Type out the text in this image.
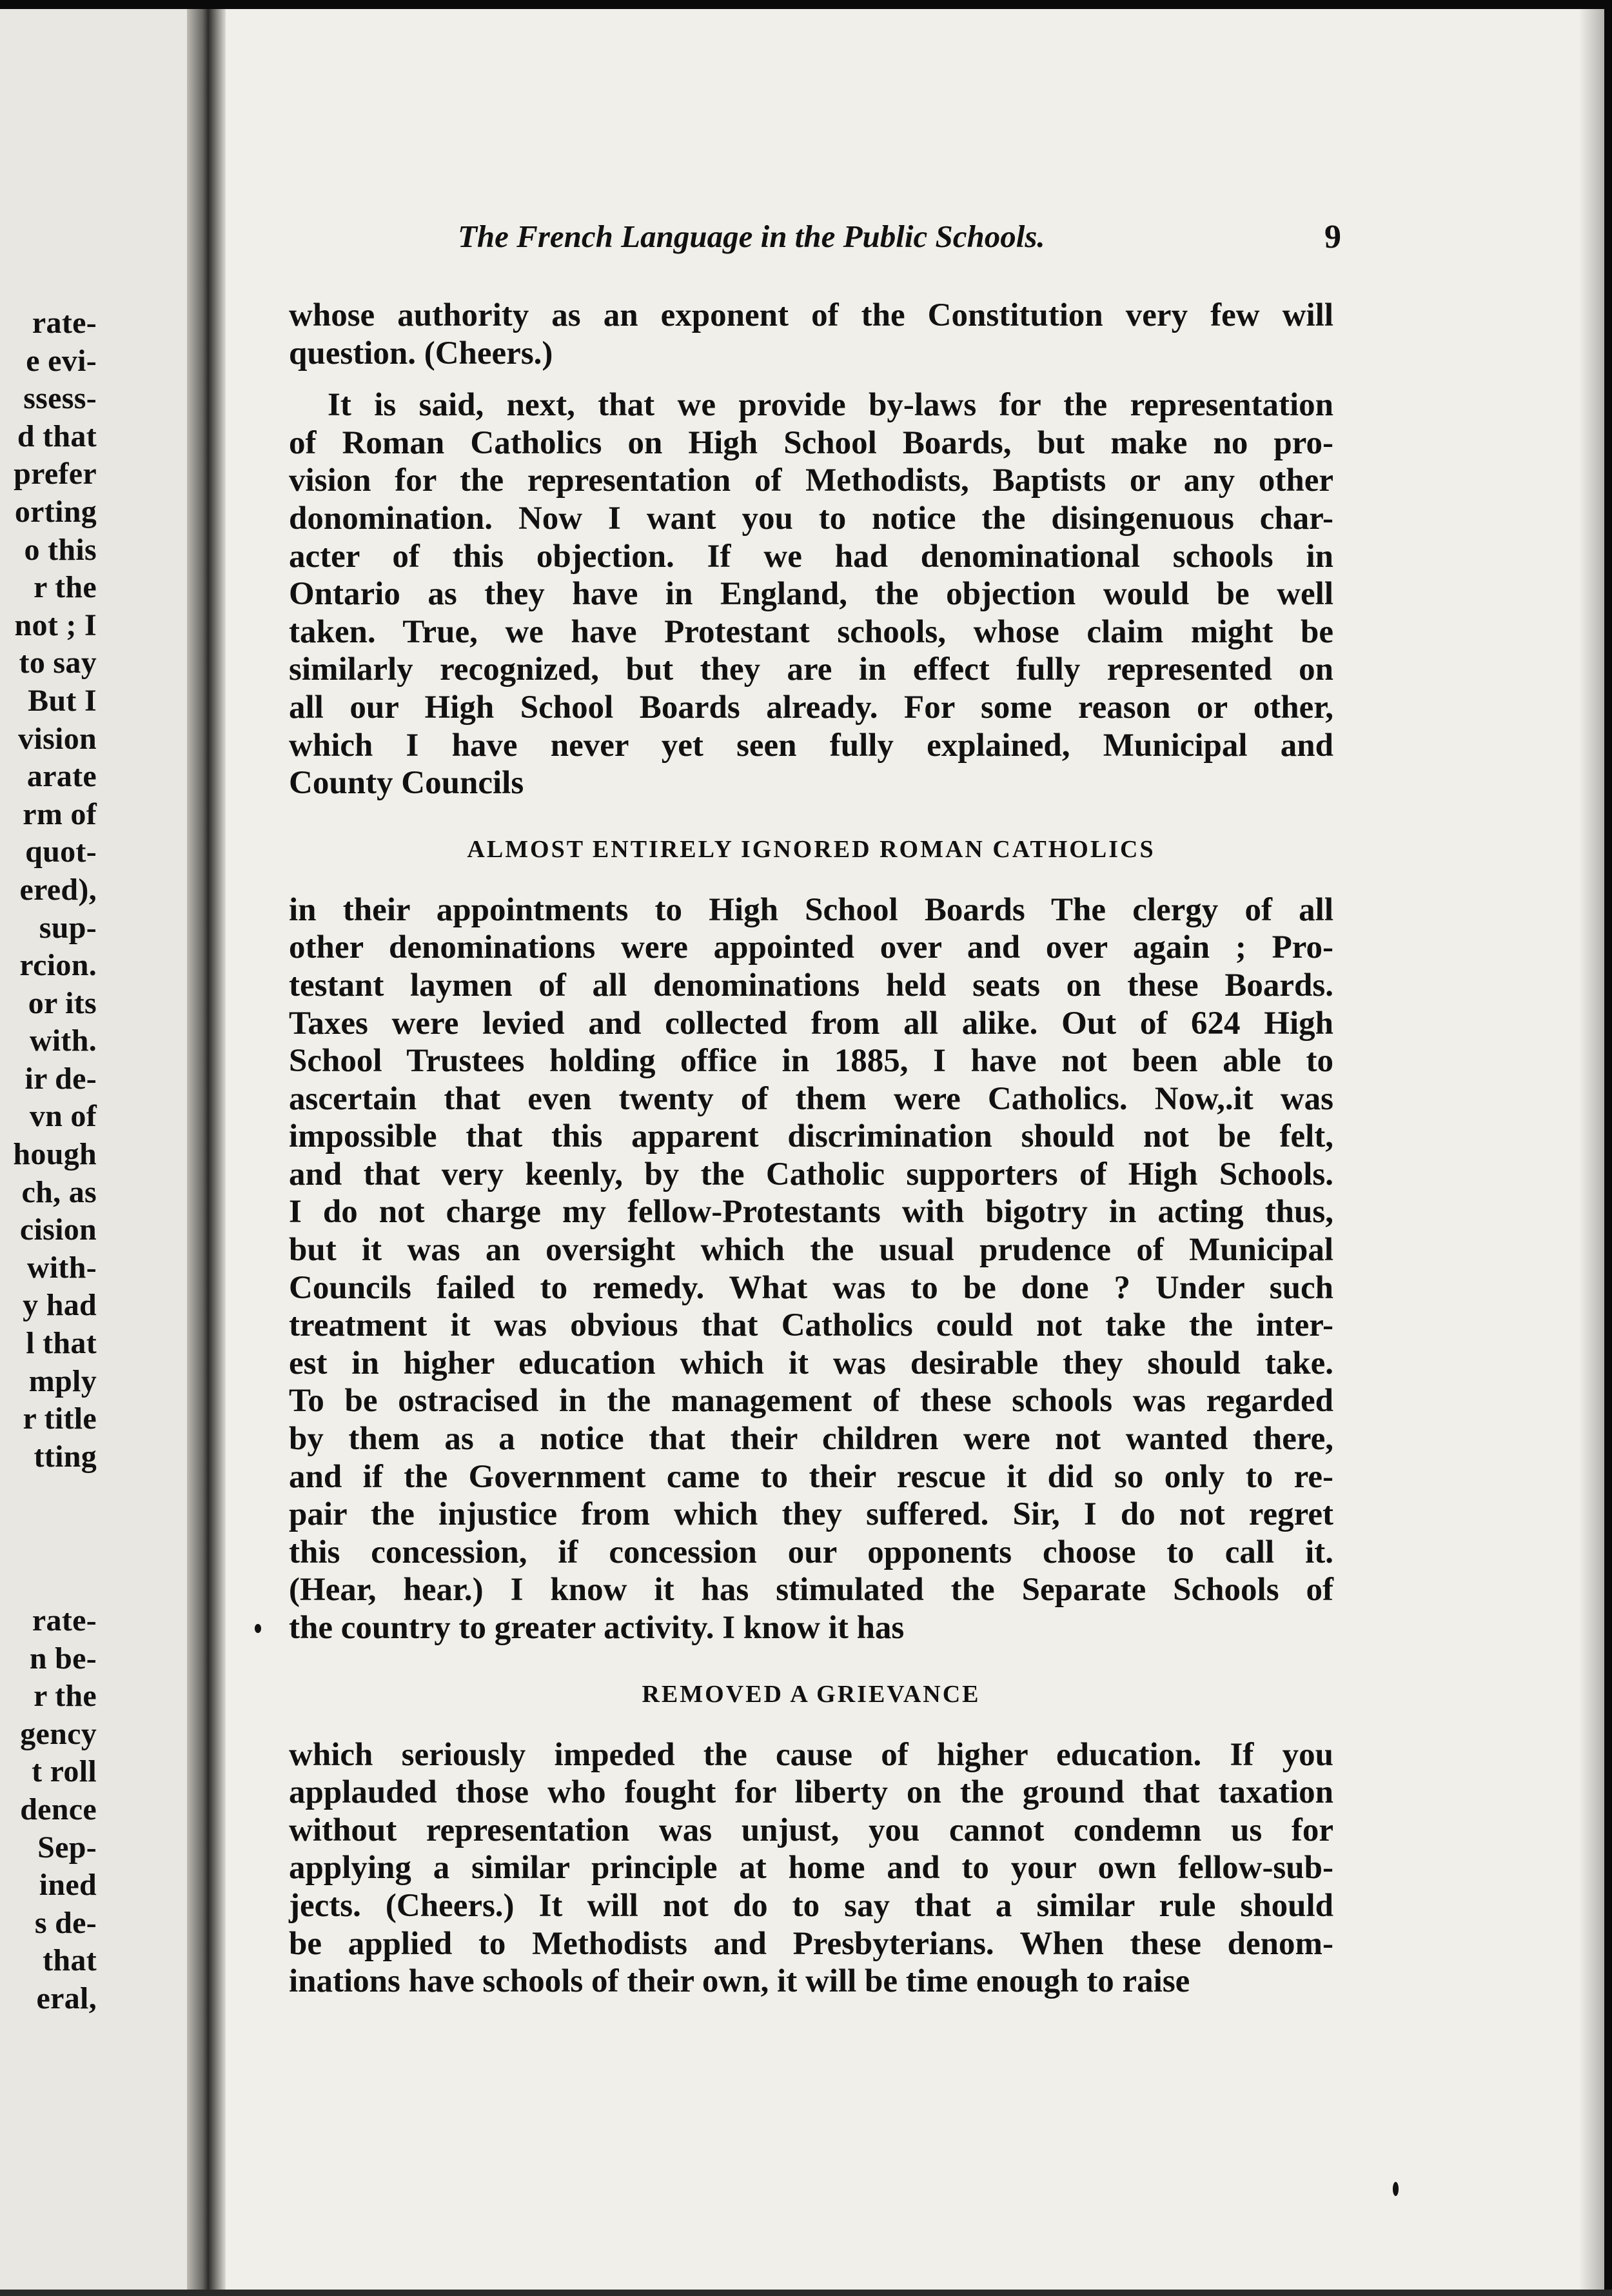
rate-
e evi-
ssess-
d that
prefer
orting
o this
r the
not ; I
to say
But I
vision
arate
rm of
quot-
ered),
sup-
rcion.
or its
with.
ir de-
vn of
hough
ch, as
cision
with-
y had
l that
mply
r title
tting
rate-
n be-
r the
gency
t roll
dence
Sep-
ined
s de-
that
eral,
The French Language in the Public Schools.	9
whose authority as an exponent of the Constitution very few will
question. (Cheers.)
It is said, next, that we provide by-laws for the representation
of Roman Catholics on High School Boards, but make no pro-
vision for the representation of Methodists, Baptists or any other
donomination. Now I want you to notice the disingenuous char-
acter of this objection. If we had denominational schools in
Ontario as they have in England, the objection would be well
taken. True, we have Protestant schools, whose claim might be
similarly recognized, but they are in effect fully represented on
all our High School Boards already. For some reason or other,
which I have never yet seen fully explained, Municipal and
County Councils
ALMOST ENTIRELY IGNORED ROMAN CATHOLICS
in their appointments to High School Boards The clergy of all
other denominations were appointed over and over again ; Pro-
testant laymen of all denominations held seats on these Boards.
Taxes were levied and collected from all alike. Out of 624 High
School Trustees holding office in 1885, I have not been able to
ascertain that even twenty of them were Catholics. Now,.it was
impossible that this apparent discrimination should not be felt,
and that very keenly, by the Catholic supporters of High Schools.
I do not charge my fellow-Protestants with bigotry in acting thus,
but it was an oversight which the usual prudence of Municipal
Councils failed to remedy. What was to be done ? Under such
treatment it was obvious that Catholics could not take the inter-
est in higher education which it was desirable they should take.
To be ostracised in the management of these schools was regarded
by them as a notice that their children were not wanted there,
and if the Government came to their rescue it did so only to re-
pair the injustice from which they suffered. Sir, I do not regret
this concession, if concession our opponents choose to call it.
(Hear, hear.) I know it has stimulated the Separate Schools of
the country to greater activity. I know it has
REMOVED A GRIEVANCE
which seriously impeded the cause of higher education. If you
applauded those who fought for liberty on the ground that taxation
without representation was unjust, you cannot condemn us for
applying a similar principle at home and to your own fellow-sub-
jects. (Cheers.) It will not do to say that a similar rule should
be applied to Methodists and Presbyterians. When these denom-
inations have schools of their own, it will be time enough to raise
